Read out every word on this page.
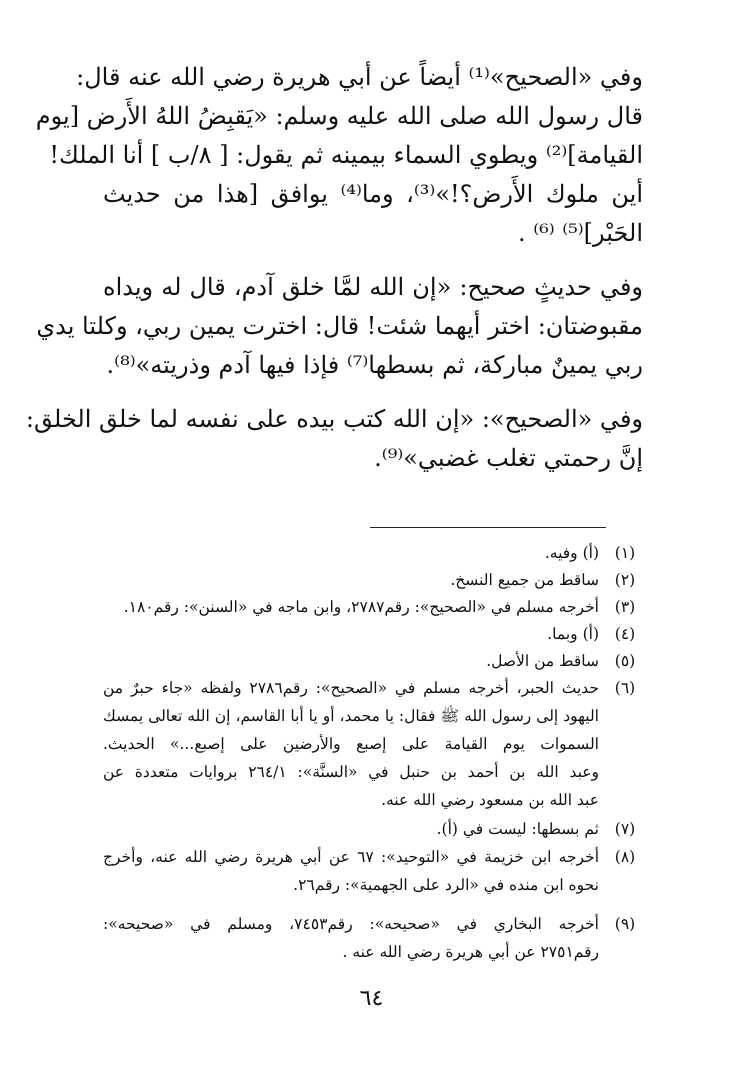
وفي «الصحيح»⁽¹⁾ أيضاً عن أبي هريرة رضي الله عنه قال:
قال رسول الله صلى الله عليه وسلم: «يَقبِضُ اللهُ الأَرض [يوم
القيامة]⁽²⁾ ويطوي السماء بيمينه ثم يقول: [ ٨/ب ] أنا الملك!
أين ملوك الأَرض؟!»⁽³⁾، وما⁽⁴⁾ يوافق [هذا من حديث
الحَبْر]⁽⁵⁾ ⁽⁶⁾ .
وفي حديثٍ صحيح: «إن الله لمَّا خلق آدم، قال له ويداه
مقبوضتان: اختر أيهما شئت! قال: اخترت يمين ربي، وكلتا يدي
ربي يمينٌ مباركة، ثم بسطها⁽⁷⁾ فإذا فيها آدم وذريته»⁽⁸⁾.
وفي «الصحيح»: «إن الله كتب بيده على نفسه لما خلق الخلق:
إنَّ رحمتي تغلب غضبي»⁽⁹⁾.
(١)
(أ) وفيه.
(٢)
ساقط من جميع النسخ.
(٣)
أخرجه مسلم في «الصحيح»: رقم٢٧٨٧، وابن ماجه في «السنن»: رقم١٨٠.
(٤)
(أ) وبما.
(٥)
ساقط من الأصل.
(٦)
حديث الحبر، أخرجه مسلم في «الصحيح»: رقم٢٧٨٦ ولفظه «جاء حبرٌ من
اليهود إلى رسول الله ﷺ فقال: يا محمد، أو يا أبا القاسم، إن الله تعالى يمسك
السموات يوم القيامة على إصبع والأرضين على إصبع...» الحديث.
وعبد الله بن أحمد بن حنبل في «السنَّة»: ٢٦٤/١ بروايات متعددة عن
عبد الله بن مسعود رضي الله عنه.
(٧)
ثم بسطها: ليست في (أ).
(٨)
أخرجه ابن خزيمة في «التوحيد»: ٦٧ عن أبي هريرة رضي الله عنه، وأخرج
نحوه ابن منده في «الرد على الجهمية»: رقم٢٦.
(٩)
أخرجه البخاري في «صحيحه»: رقم٧٤٥٣، ومسلم في «صحيحه»:
رقم٢٧٥١ عن أبي هريرة رضي الله عنه .
٦٤
